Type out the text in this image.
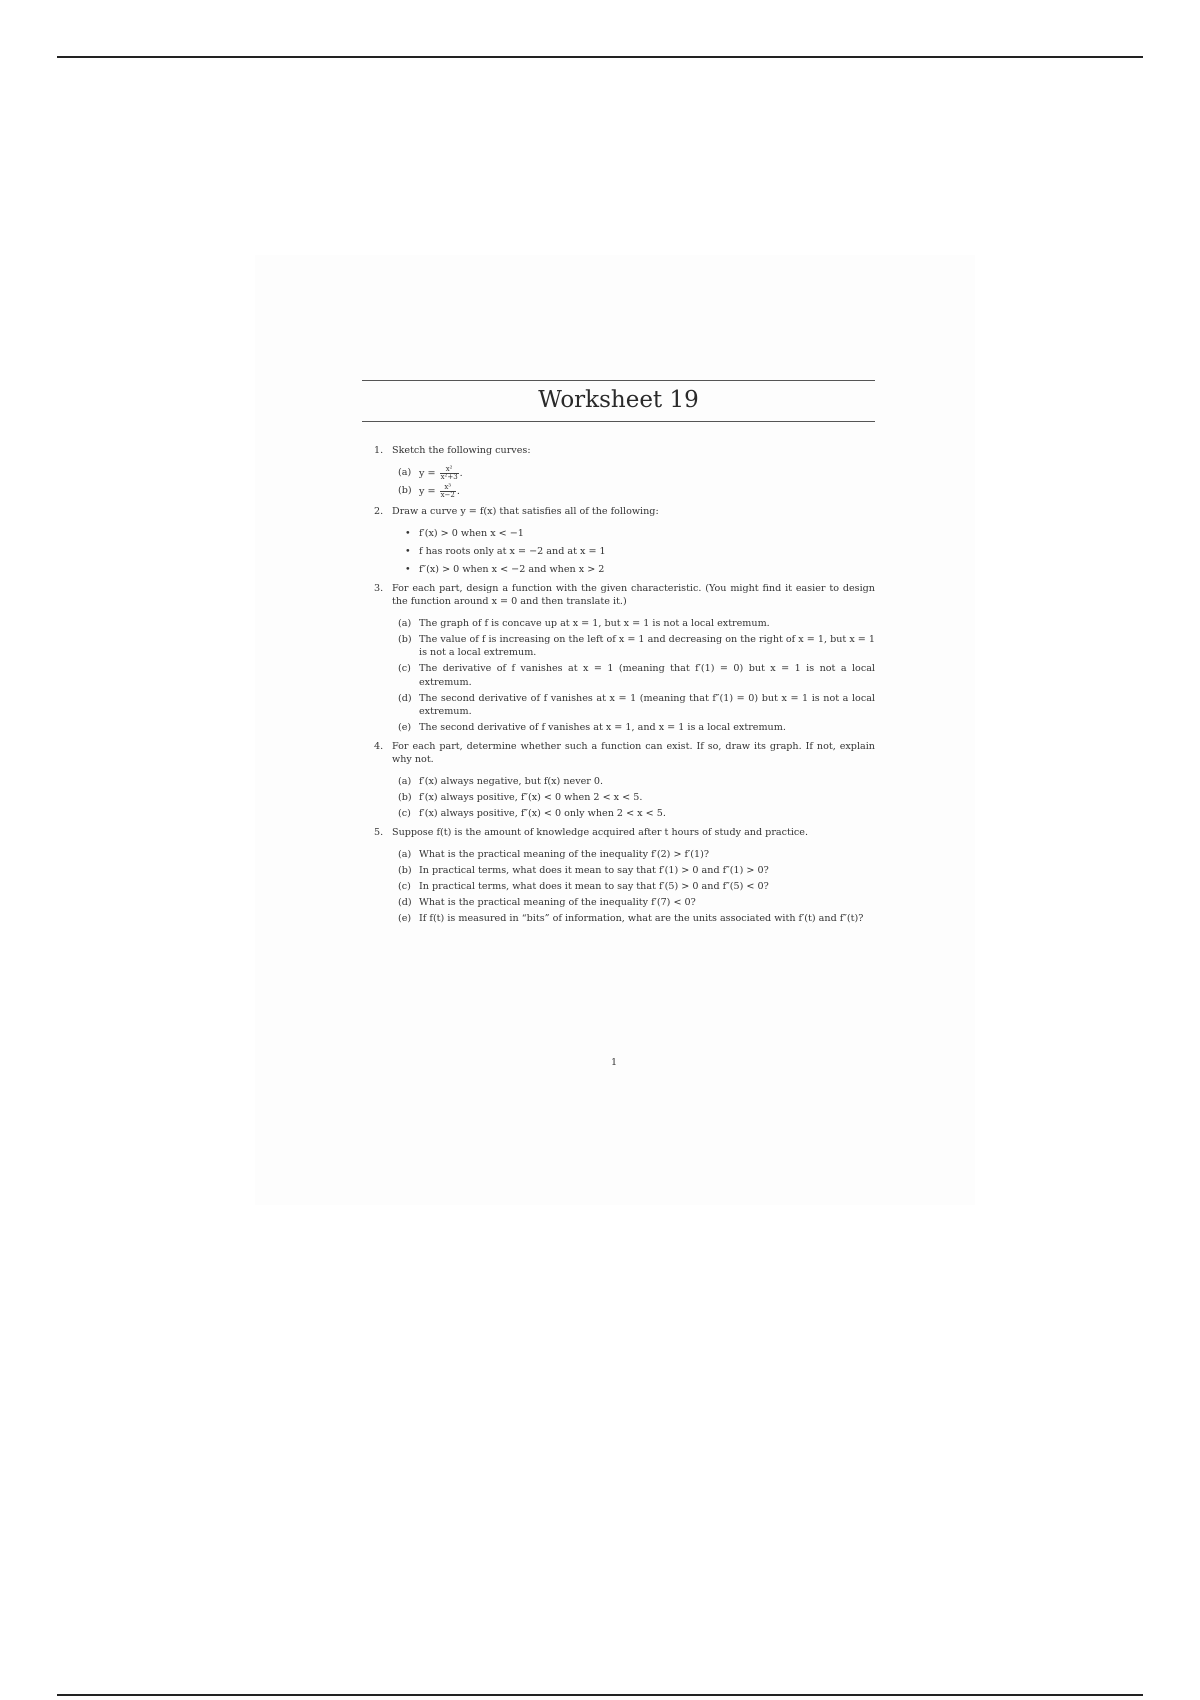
Worksheet 19
1. Sketch the following curves:
(a) $y = \frac{\text{x²}}{\text{x²+3}}$ .
(b) $y = \frac{\text{x³}}{x-2}$ .
2. Draw a curve y = f(x) that satisfies all of the following:
• f′(x) > 0 when x < −1
• f has roots only at x = −2 and at x = 1
• f″(x) > 0 when x < −2 and when x > 2
3. For each part, design a function with the given characteristic. (You might find it easier to design the function around x = 0 and then translate it.)
(a) The graph of f is concave up at x = 1, but x = 1 is not a local extremum.
(b) The value of f is increasing on the left of x = 1 and decreasing on the right of x = 1, but x = 1 is not a local extremum.
(c) The derivative of f vanishes at x = 1 (meaning that f′(1) = 0) but x = 1 is not a local extremum.
(d) The second derivative of f vanishes at x = 1 (meaning that f″(1) = 0) but x = 1 is not a local extremum.
(e) The second derivative of f vanishes at x = 1, and x = 1 is a local extremum.
4. For each part, determine whether such a function can exist. If so, draw its graph. If not, explain why not.
(a) f′(x) always negative, but f(x) never 0.
(b) f′(x) always positive, f″(x) < 0 when 2 < x < 5.
(c) f′(x) always positive, f″(x) < 0 only when 2 < x < 5.
5. Suppose f(t) is the amount of knowledge acquired after t hours of study and practice.
(a) What is the practical meaning of the inequality f′(2) > f′(1)?
(b) In practical terms, what does it mean to say that f′(1) > 0 and f″(1) > 0?
(c) In practical terms, what does it mean to say that f′(5) > 0 and f″(5) < 0?
(d) What is the practical meaning of the inequality f′(7) < 0?
(e) If f(t) is measured in “bits” of information, what are the units associated with f′(t) and f″(t)?
1
